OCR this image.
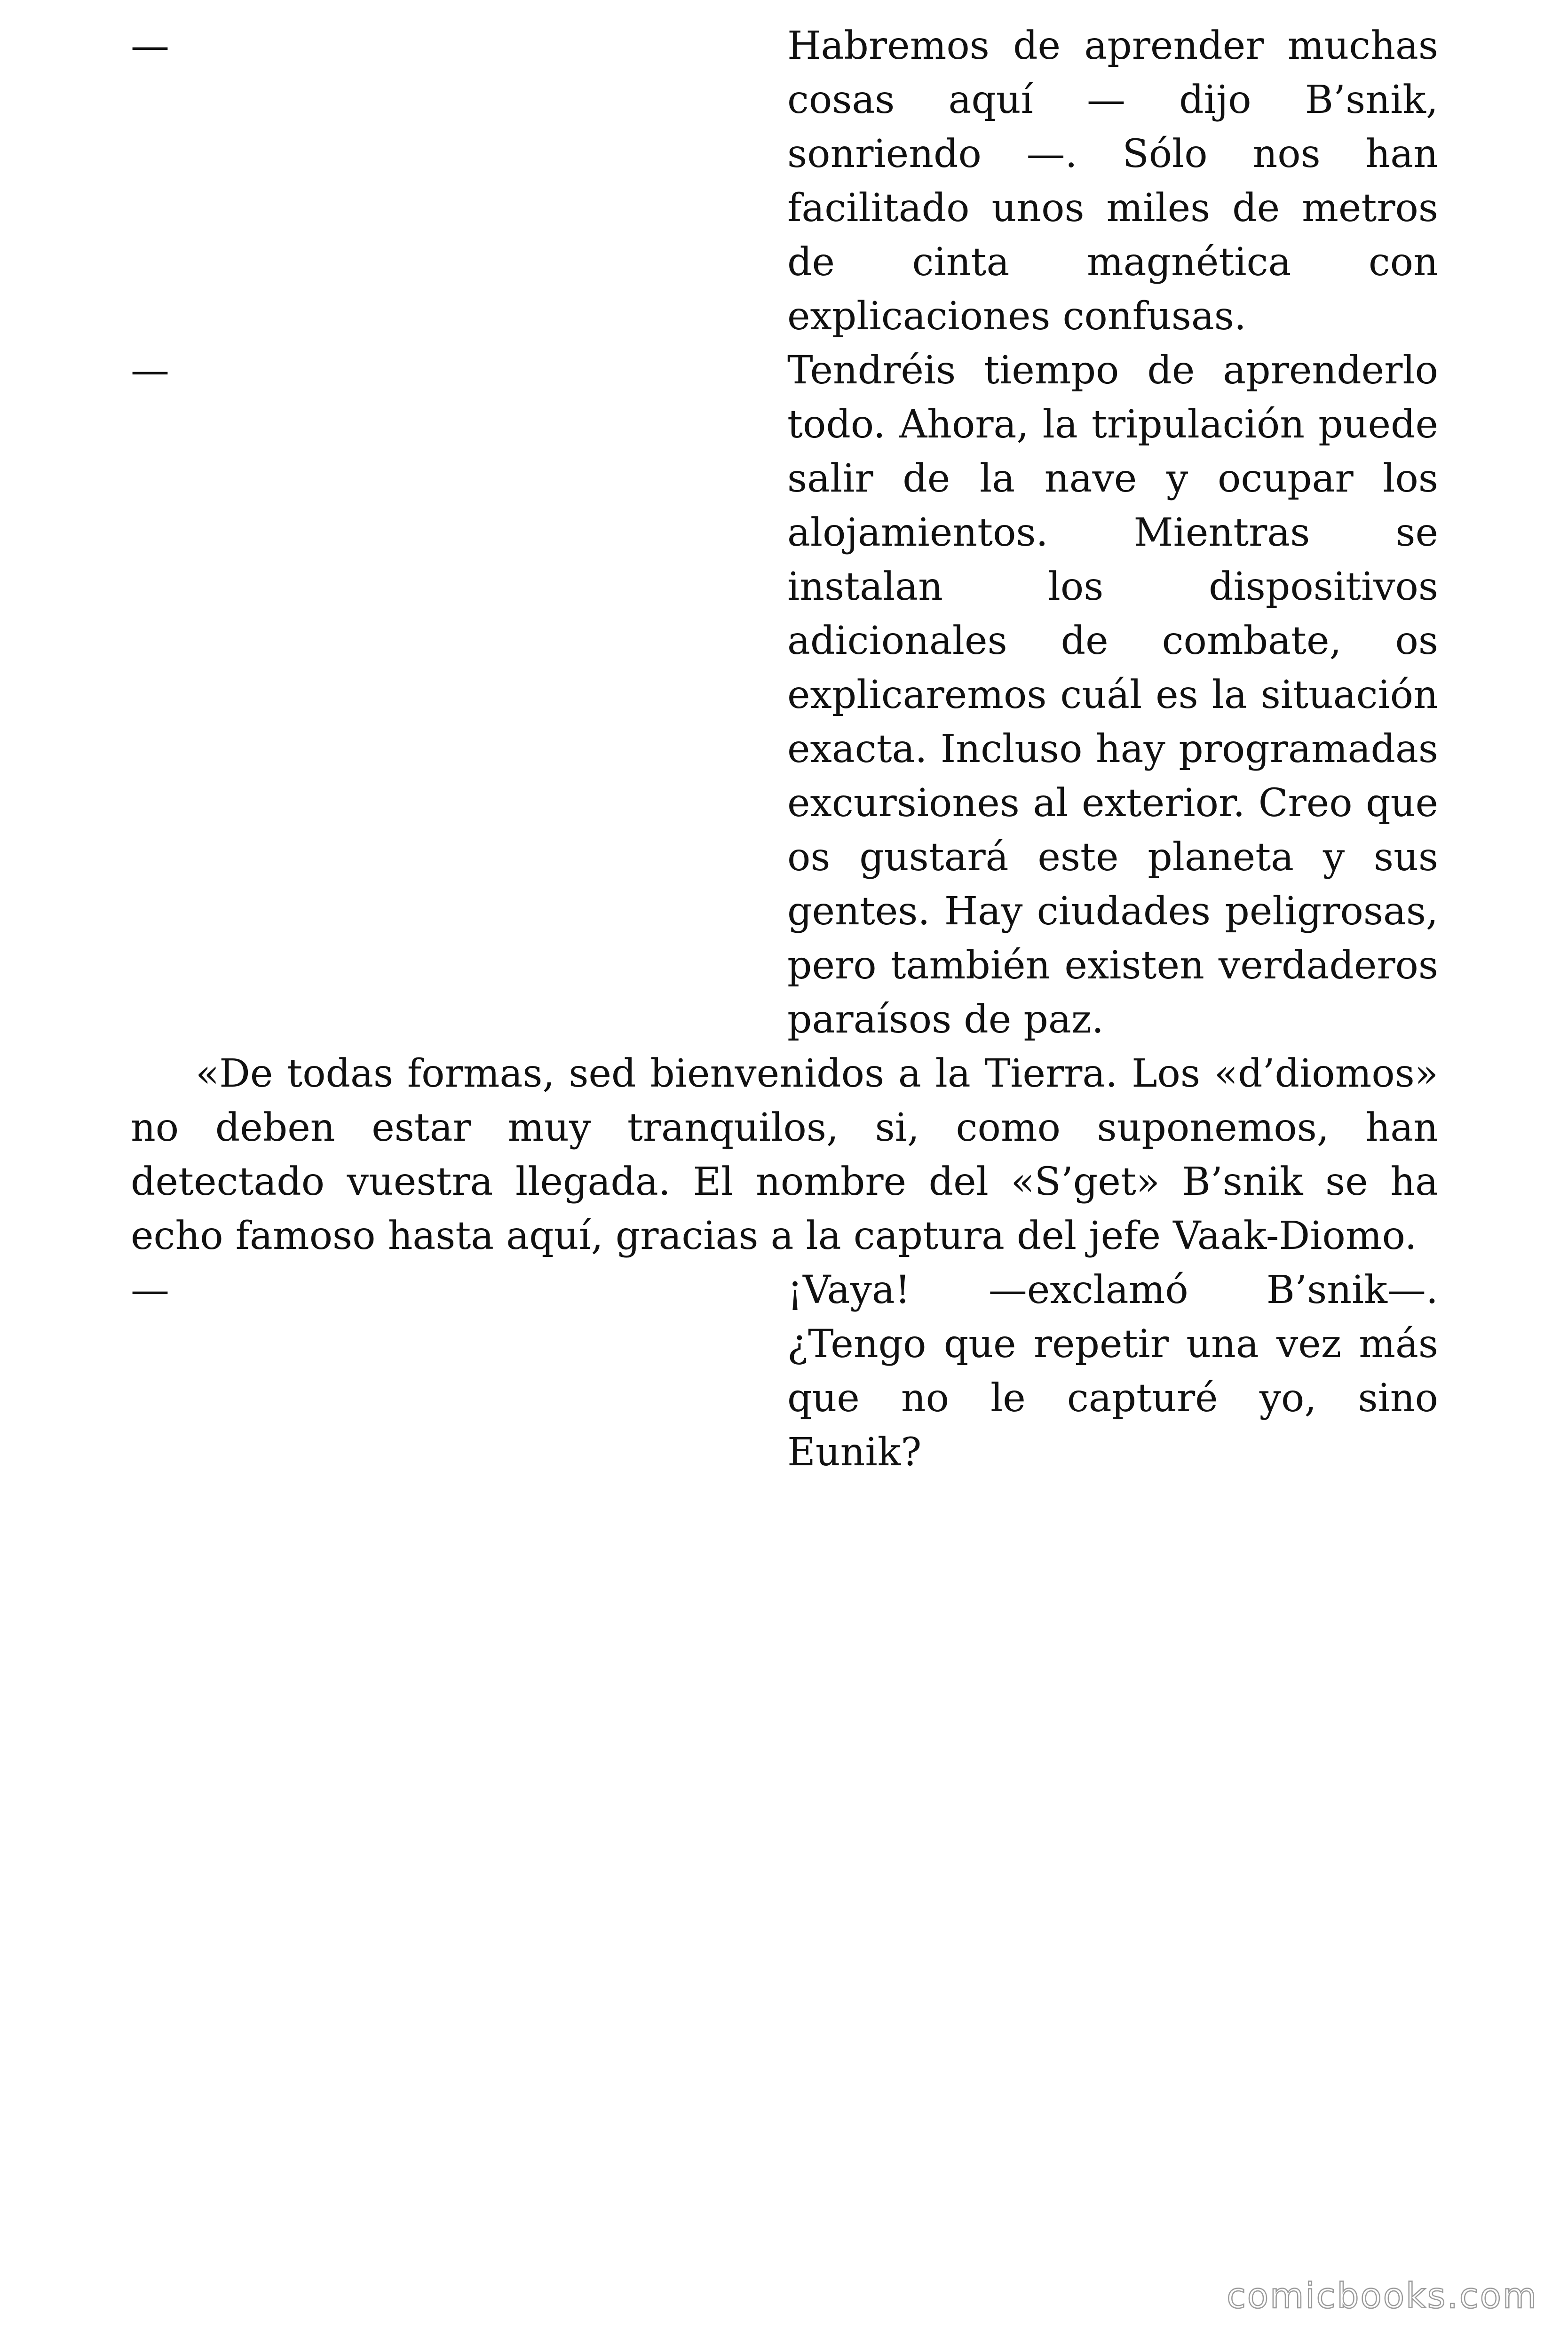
—	Habremos de aprender muchas cosas aquí — dijo B’snik, sonriendo —. Sólo nos han facilitado unos miles de metros de cinta magnética con explicaciones confusas.
—	Tendréis tiempo de aprenderlo todo. Ahora, la tripulación puede salir de la nave y ocupar los alojamientos. Mientras se instalan los dispositivos adicionales de combate, os explicaremos cuál es la situación exacta. Incluso hay programadas excursiones al exterior. Creo que os gustará este planeta y sus gentes. Hay ciudades peligrosas, pero también existen verdaderos paraísos de paz.
«De todas formas, sed bienvenidos a la Tierra. Los «d’diomos» no deben estar muy tranquilos, si, como suponemos, han detectado vuestra llegada. El nombre del «S’get» B’snik se ha echo famoso hasta aquí, gracias a la captura del jefe Vaak-Diomo.
—	¡Vaya! —exclamó B’snik—. ¿Tengo que repetir una vez más que no le capturé yo, sino Eunik?
comicbooks.com
